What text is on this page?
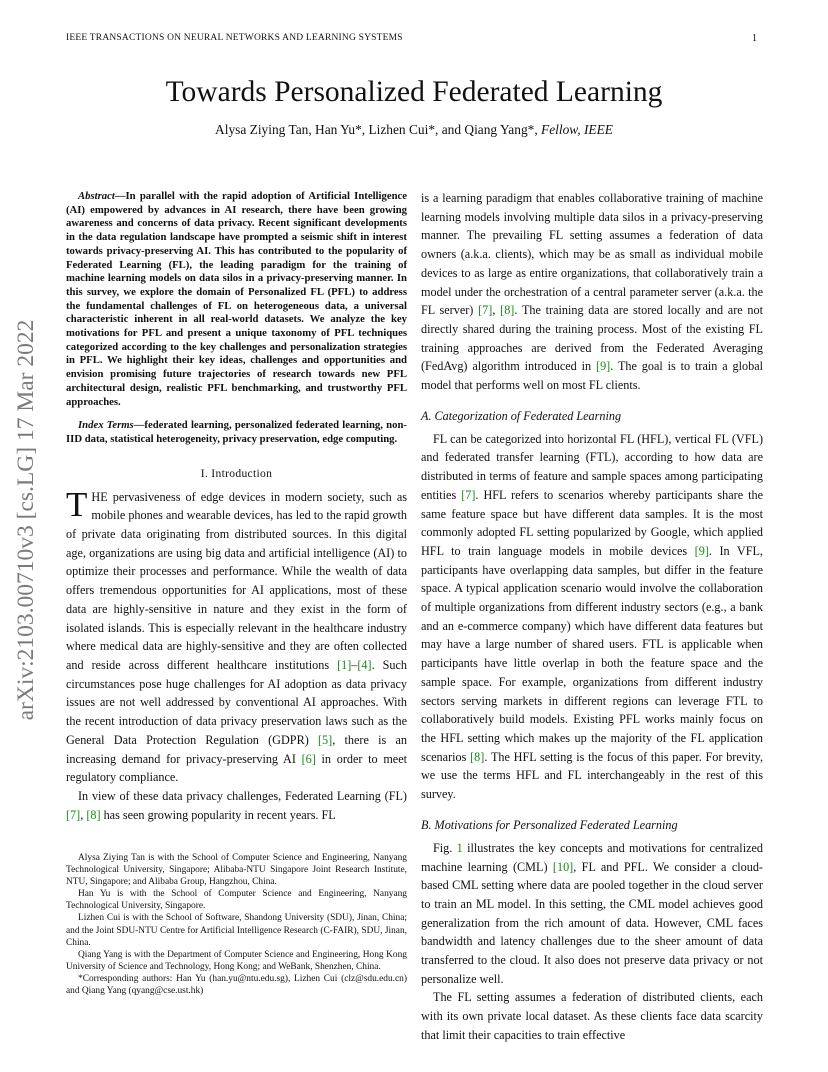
IEEE TRANSACTIONS ON NEURAL NETWORKS AND LEARNING SYSTEMS	1
Towards Personalized Federated Learning
Alysa Ziying Tan, Han Yu*, Lizhen Cui*, and Qiang Yang*, Fellow, IEEE
arXiv:2103.00710v3 [cs.LG] 17 Mar 2022

Abstract—In parallel with the rapid adoption of Artificial Intelligence (AI) empowered by advances in AI research, there have been growing awareness and concerns of data privacy. Recent significant developments in the data regulation landscape have prompted a seismic shift in interest towards privacy-preserving AI. This has contributed to the popularity of Federated Learning (FL), the leading paradigm for the training of machine learning models on data silos in a privacy-preserving manner. In this survey, we explore the domain of Personalized FL (PFL) to address the fundamental challenges of FL on heterogeneous data, a universal characteristic inherent in all real-world datasets. We analyze the key motivations for PFL and present a unique taxonomy of PFL techniques categorized according to the key challenges and personalization strategies in PFL. We highlight their key ideas, challenges and opportunities and envision promising future trajectories of research towards new PFL architectural design, realistic PFL benchmarking, and trustworthy PFL approaches.

Index Terms—federated learning, personalized federated learning, non-IID data, statistical heterogeneity, privacy preservation, edge computing.

I. Introduction

THE pervasiveness of edge devices in modern society, such as mobile phones and wearable devices, has led to the rapid growth of private data originating from distributed sources. In this digital age, organizations are using big data and artificial intelligence (AI) to optimize their processes and performance. While the wealth of data offers tremendous opportunities for AI applications, most of these data are highly-sensitive in nature and they exist in the form of isolated islands. This is especially relevant in the healthcare industry where medical data are highly-sensitive and they are often collected and reside across different healthcare institutions [1]–[4]. Such circumstances pose huge challenges for AI adoption as data privacy issues are not well addressed by conventional AI approaches. With the recent introduction of data privacy preservation laws such as the General Data Protection Regulation (GDPR) [5], there is an increasing demand for privacy-preserving AI [6] in order to meet regulatory compliance.

In view of these data privacy challenges, Federated Learning (FL) [7], [8] has seen growing popularity in recent years. FL

Alysa Ziying Tan is with the School of Computer Science and Engineering, Nanyang Technological University, Singapore; Alibaba-NTU Singapore Joint Research Institute, NTU, Singapore; and Alibaba Group, Hangzhou, China.

Han Yu is with the School of Computer Science and Engineering, Nanyang Technological University, Singapore.

Lizhen Cui is with the School of Software, Shandong University (SDU), Jinan, China; and the Joint SDU-NTU Centre for Artificial Intelligence Research (C-FAIR), SDU, Jinan, China.

Qiang Yang is with the Department of Computer Science and Engineering, Hong Kong University of Science and Technology, Hong Kong; and WeBank, Shenzhen, China.

*Corresponding authors: Han Yu (han.yu@ntu.edu.sg), Lizhen Cui (clz@sdu.edu.cn) and Qiang Yang (qyang@cse.ust.hk)

is a learning paradigm that enables collaborative training of machine learning models involving multiple data silos in a privacy-preserving manner. The prevailing FL setting assumes a federation of data owners (a.k.a. clients), which may be as small as individual mobile devices to as large as entire organizations, that collaboratively train a model under the orchestration of a central parameter server (a.k.a. the FL server) [7], [8]. The training data are stored locally and are not directly shared during the training process. Most of the existing FL training approaches are derived from the Federated Averaging (FedAvg) algorithm introduced in [9]. The goal is to train a global model that performs well on most FL clients.

A. Categorization of Federated Learning

FL can be categorized into horizontal FL (HFL), vertical FL (VFL) and federated transfer learning (FTL), according to how data are distributed in terms of feature and sample spaces among participating entities [7]. HFL refers to scenarios whereby participants share the same feature space but have different data samples. It is the most commonly adopted FL setting popularized by Google, which applied HFL to train language models in mobile devices [9]. In VFL, participants have overlapping data samples, but differ in the feature space. A typical application scenario would involve the collaboration of multiple organizations from different industry sectors (e.g., a bank and an e-commerce company) which have different data features but may have a large number of shared users. FTL is applicable when participants have little overlap in both the feature space and the sample space. For example, organizations from different industry sectors serving markets in different regions can leverage FTL to collaboratively build models. Existing PFL works mainly focus on the HFL setting which makes up the majority of the FL application scenarios [8]. The HFL setting is the focus of this paper. For brevity, we use the terms HFL and FL interchangeably in the rest of this survey.

B. Motivations for Personalized Federated Learning

Fig. 1 illustrates the key concepts and motivations for centralized machine learning (CML) [10], FL and PFL. We consider a cloud-based CML setting where data are pooled together in the cloud server to train an ML model. In this setting, the CML model achieves good generalization from the rich amount of data. However, CML faces bandwidth and latency challenges due to the sheer amount of data transferred to the cloud. It also does not preserve data privacy or not personalize well.

The FL setting assumes a federation of distributed clients, each with its own private local dataset. As these clients face data scarcity that limit their capacities to train effective
